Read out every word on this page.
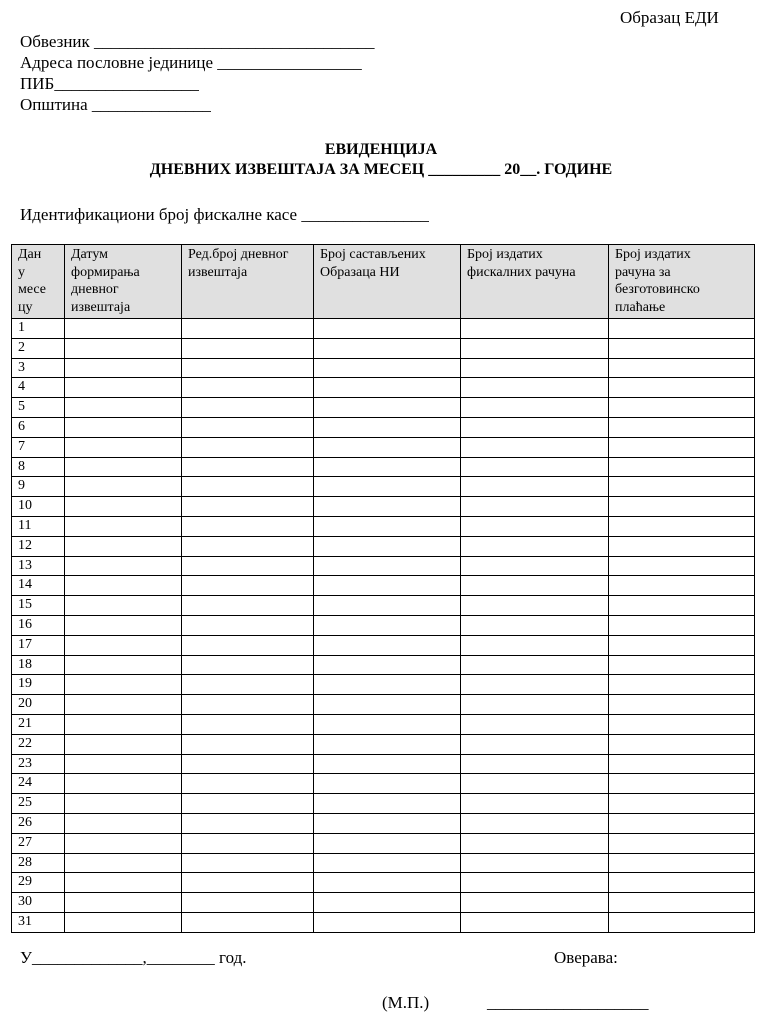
Образац ЕДИ
Обвезник _________________________________
Адреса пословне јединице _________________
ПИБ_________________
Општина ______________
ЕВИДЕНЦИЈА
ДНЕВНИХ ИЗВЕШТАЈА ЗА МЕСЕЦ _________ 20__. ГОДИНЕ
Идентификациони број фискалне касе _______________
Дан
у
месе
цу	Датум
формирања
дневног
извештаја	Ред.број дневног
извештаја	Број састављених
Образаца НИ	Број издатих
фискалних рачуна	Број издатих
рачуна за
безготовинско
плаћање
1					
2					
3					
4					
5					
6					
7					
8					
9					
10					
11					
12					
13					
14					
15					
16					
17					
18					
19					
20					
21					
22					
23					
24					
25					
26					
27					
28					
29					
30					
31					
У_____________,________ год.	Оверава:
(М.П.)	___________________
